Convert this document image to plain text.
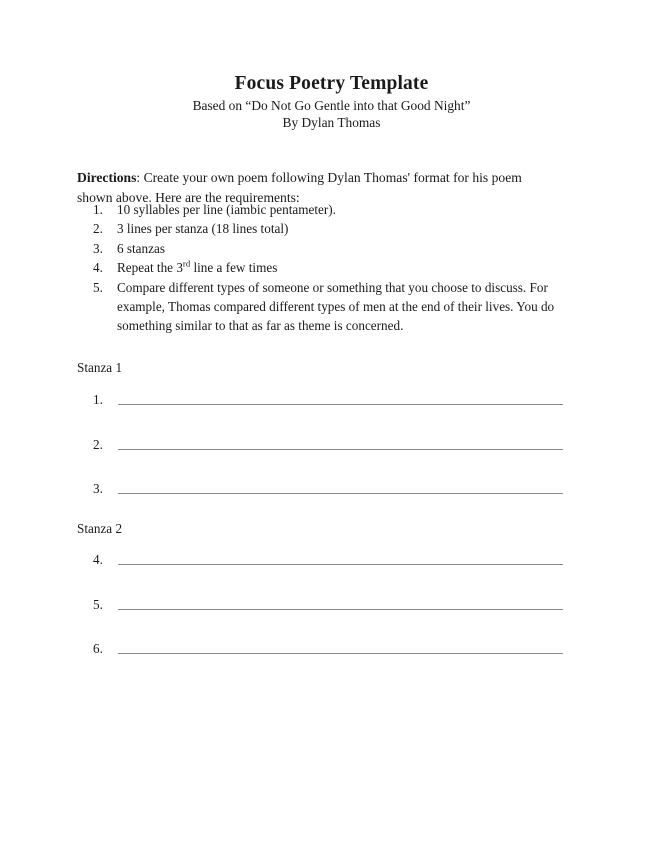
Focus Poetry Template
Based on “Do Not Go Gentle into that Good Night”
By Dylan Thomas

Directions: Create your own poem following Dylan Thomas' format for his poem shown above. Here are the requirements:

1.	10 syllables per line (iambic pentameter).
2.	3 lines per stanza (18 lines total)
3.	6 stanzas
4.	Repeat the 3rd line a few times
5.	Compare different types of someone or something that you choose to discuss. For example, Thomas compared different types of men at the end of their lives. You do something similar to that as far as theme is concerned.
Stanza 1
1.
2.
3.
Stanza 2
4.
5.
6.
